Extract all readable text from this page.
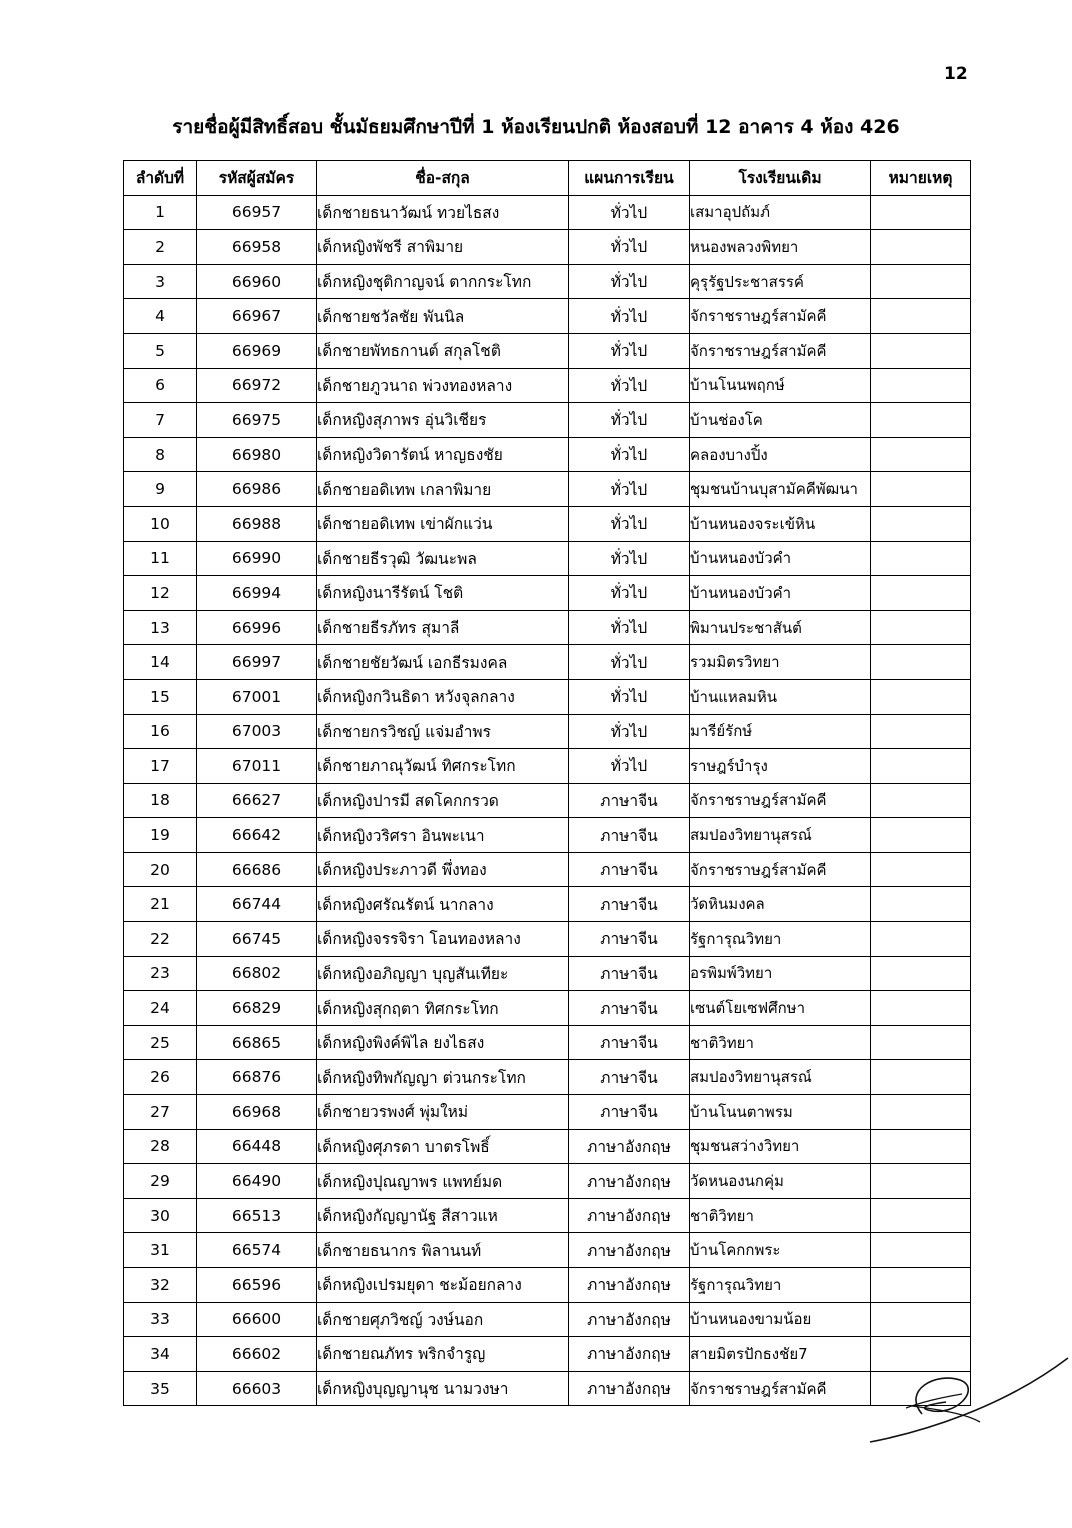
12
รายชื่อผู้มีสิทธิ์สอบ ชั้นมัธยมศึกษาปีที่ 1 ห้องเรียนปกติ ห้องสอบที่ 12 อาคาร 4 ห้อง 426
ลำดับที่	รหัสผู้สมัคร	ชื่อ-สกุล	แผนการเรียน	โรงเรียนเดิม	หมายเหตุ
1	66957	เด็กชายธนาวัฒน์ ทวยไธสง	ทั่วไป	เสมาอุปถัมภ์	
2	66958	เด็กหญิงพัชรี สาพิมาย	ทั่วไป	หนองพลวงพิทยา	
3	66960	เด็กหญิงชุติกาญจน์ ตากกระโทก	ทั่วไป	คุรุรัฐประชาสรรค์	
4	66967	เด็กชายชวัลชัย พันนิล	ทั่วไป	จักราชราษฎร์สามัคคี	
5	66969	เด็กชายพัทธกานต์ สกุลโชติ	ทั่วไป	จักราชราษฎร์สามัคคี	
6	66972	เด็กชายภูวนาถ พ่วงทองหลาง	ทั่วไป	บ้านโนนพฤกษ์	
7	66975	เด็กหญิงสุภาพร อุ่นวิเชียร	ทั่วไป	บ้านช่องโค	
8	66980	เด็กหญิงวิดารัตน์ หาญธงชัย	ทั่วไป	คลองบางปิ้ง	
9	66986	เด็กชายอดิเทพ เกลาพิมาย	ทั่วไป	ชุมชนบ้านบุสามัคคีพัฒนา	
10	66988	เด็กชายอดิเทพ เข่าผักแว่น	ทั่วไป	บ้านหนองจระเข้หิน	
11	66990	เด็กชายธีรวุฒิ วัฒนะพล	ทั่วไป	บ้านหนองบัวคำ	
12	66994	เด็กหญิงนารีรัตน์ โชติ	ทั่วไป	บ้านหนองบัวคำ	
13	66996	เด็กชายธีรภัทร สุมาลี	ทั่วไป	พิมานประชาสันต์	
14	66997	เด็กชายชัยวัฒน์ เอกธีรมงคล	ทั่วไป	รวมมิตรวิทยา	
15	67001	เด็กหญิงกวินธิดา หวังจุลกลาง	ทั่วไป	บ้านแหลมหิน	
16	67003	เด็กชายกรวิชญ์ แจ่มอำพร	ทั่วไป	มารีย์รักษ์	
17	67011	เด็กชายภาณุวัฒน์ ทิศกระโทก	ทั่วไป	ราษฎร์บำรุง	
18	66627	เด็กหญิงปารมี สดโคกกรวด	ภาษาจีน	จักราชราษฎร์สามัคคี	
19	66642	เด็กหญิงวริศรา อินพะเนา	ภาษาจีน	สมปองวิทยานุสรณ์	
20	66686	เด็กหญิงประภาวดี พึ่งทอง	ภาษาจีน	จักราชราษฎร์สามัคคี	
21	66744	เด็กหญิงศรัณรัตน์ นากลาง	ภาษาจีน	วัดหินมงคล	
22	66745	เด็กหญิงจรรจิรา โอนทองหลาง	ภาษาจีน	รัฐการุณวิทยา	
23	66802	เด็กหญิงอภิญญา บุญสันเทียะ	ภาษาจีน	อรพิมพ์วิทยา	
24	66829	เด็กหญิงสุกฤตา ทิศกระโทก	ภาษาจีน	เซนต์โยเซฟศึกษา	
25	66865	เด็กหญิงพิงค์พิไล ยงไธสง	ภาษาจีน	ชาติวิทยา	
26	66876	เด็กหญิงทิพกัญญา ต่วนกระโทก	ภาษาจีน	สมปองวิทยานุสรณ์	
27	66968	เด็กชายวรพงศ์ พุ่มใหม่	ภาษาจีน	บ้านโนนตาพรม	
28	66448	เด็กหญิงศุภรดา บาตรโพธิ์	ภาษาอังกฤษ	ชุมชนสว่างวิทยา	
29	66490	เด็กหญิงปุณญาพร แพทย์มด	ภาษาอังกฤษ	วัดหนองนกคุ่ม	
30	66513	เด็กหญิงกัญญานัฐ สีสาวแห	ภาษาอังกฤษ	ชาติวิทยา	
31	66574	เด็กชายธนากร พิลานนท์	ภาษาอังกฤษ	บ้านโคกกพระ	
32	66596	เด็กหญิงเปรมยุดา ชะม้อยกลาง	ภาษาอังกฤษ	รัฐการุณวิทยา	
33	66600	เด็กชายศุภวิชญ์ วงษ์นอก	ภาษาอังกฤษ	บ้านหนองขามน้อย	
34	66602	เด็กชายณภัทร พริกจำรูญ	ภาษาอังกฤษ	สายมิตรปักธงชัย7	
35	66603	เด็กหญิงบุญญานุช นามวงษา	ภาษาอังกฤษ	จักราชราษฎร์สามัคคี	
